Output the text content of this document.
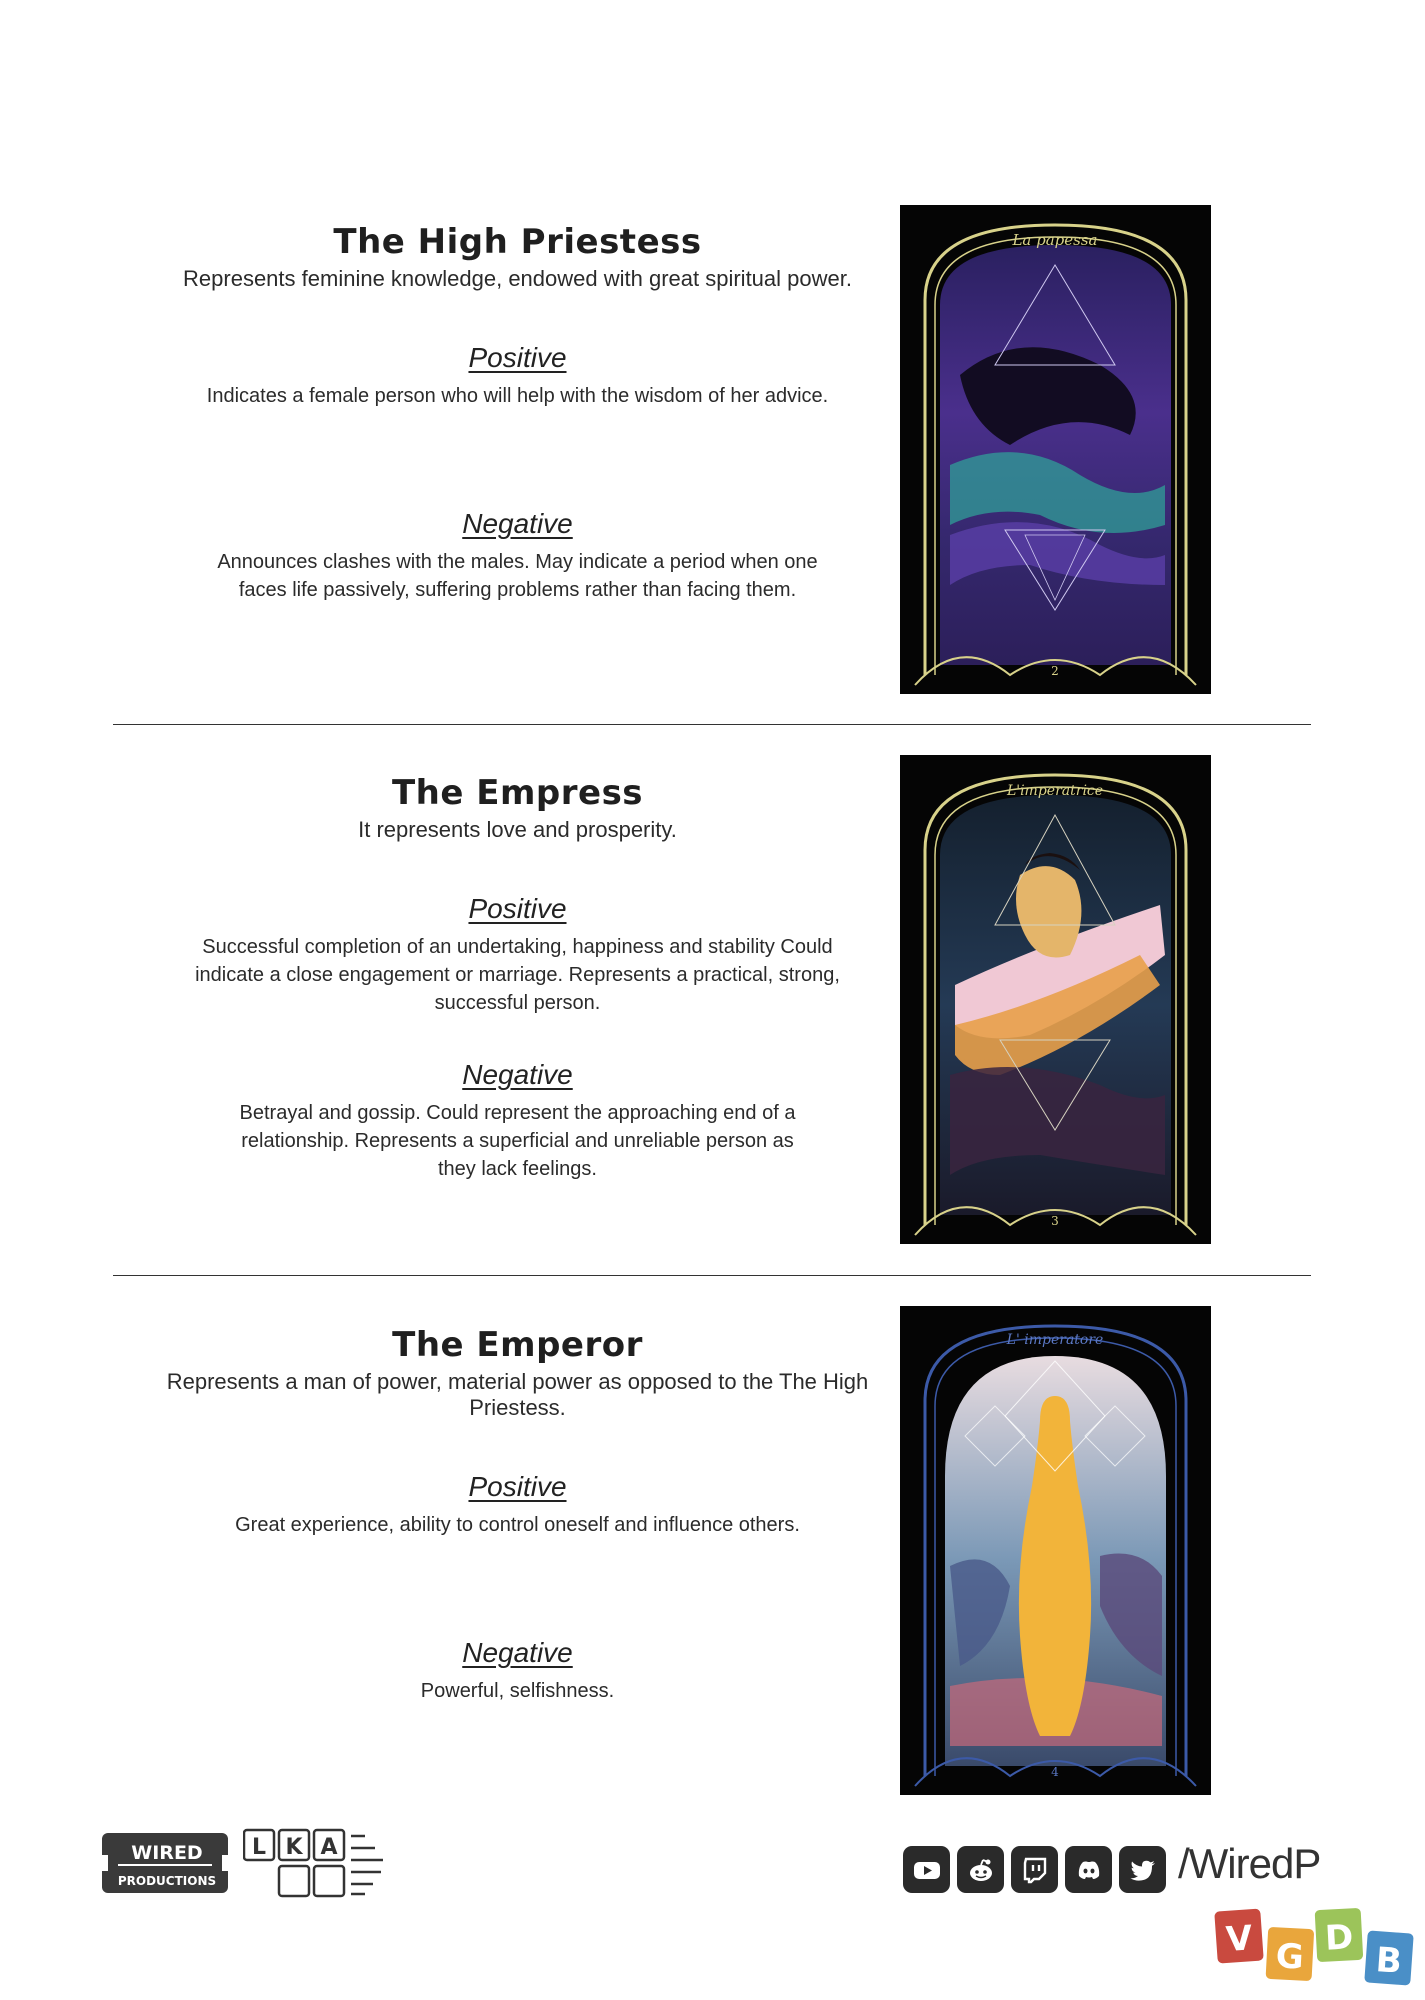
The High Priestess

Represents feminine knowledge, endowed with great spiritual power.

Positive

Indicates a female person who will help with the wisdom of her advice.

Negative

Announces clashes with the males. May indicate a period when one faces life passively, suffering problems rather than facing them.

La papessa
2
The Empress

It represents love and prosperity.

Positive

Successful completion of an undertaking, happiness and stability Could indicate a close engagement or marriage. Represents a practical, strong, successful person.

Negative

Betrayal and gossip. Could represent the approaching end of a relationship. Represents a superficial and unreliable person as they lack feelings.

L'imperatrice
3
The Emperor

Represents a man of power, material power as opposed to the The High Priestess.

Positive

Great experience, ability to control oneself and influence others.

Negative

Powerful, selfishness.

L' imperatore
4
WIRED
PRODUCTIONS
L K A	/WiredP
V G D
B
